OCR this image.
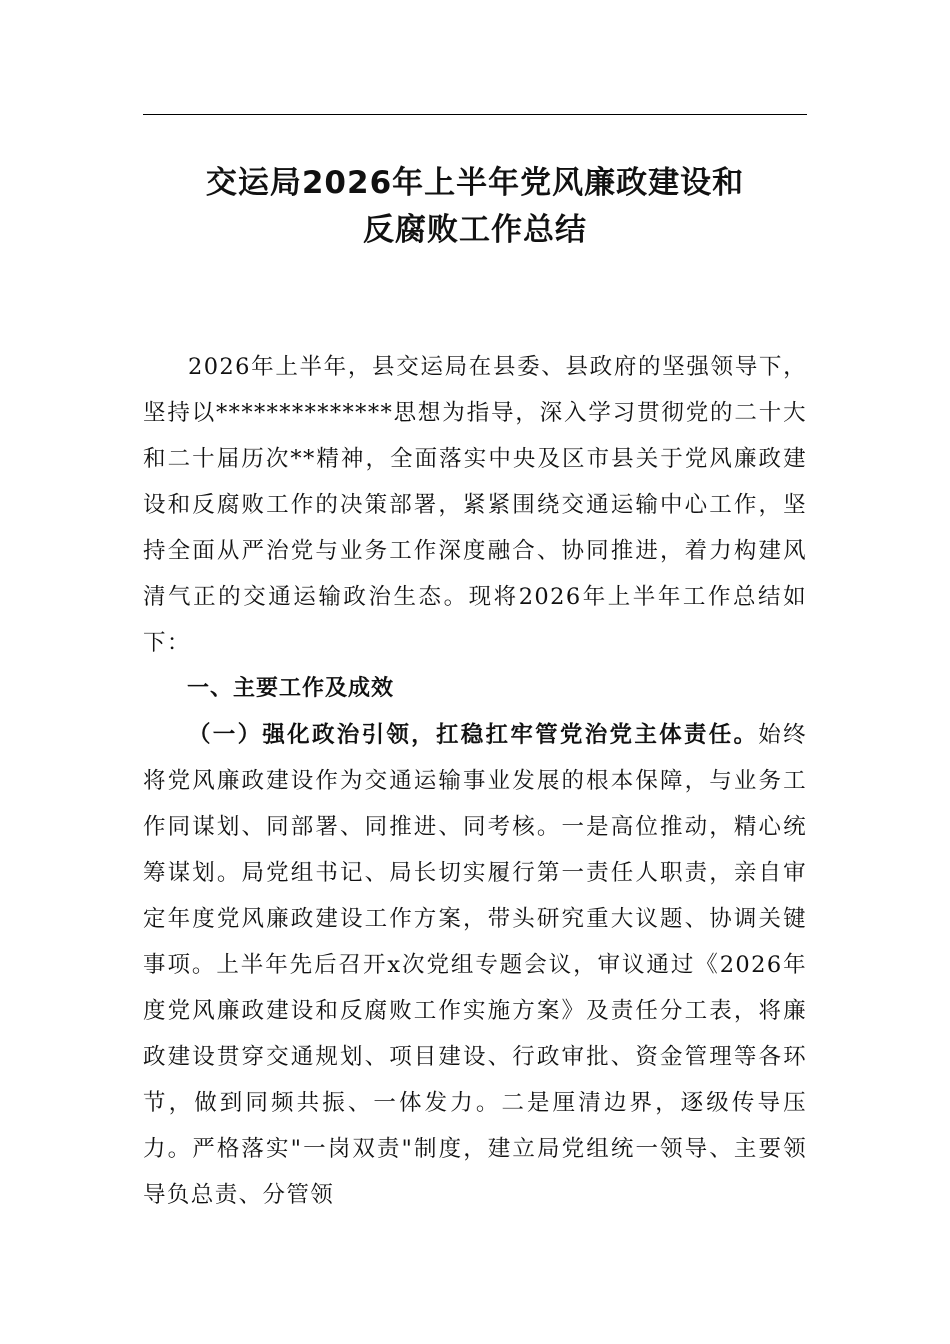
交运局2026年上半年党风廉政建设和
反腐败工作总结

2026年上半年，县交运局在县委、县政府的坚强领导下，坚持以**************思想为指导，深入学习贯彻党的二十大和二十届历次**精神，全面落实中央及区市县关于党风廉政建设和反腐败工作的决策部署，紧紧围绕交通运输中心工作，坚持全面从严治党与业务工作深度融合、协同推进，着力构建风清气正的交通运输政治生态。现将2026年上半年工作总结如下：

一、主要工作及成效

（一）强化政治引领，扛稳扛牢管党治党主体责任。始终将党风廉政建设作为交通运输事业发展的根本保障，与业务工作同谋划、同部署、同推进、同考核。一是高位推动，精心统筹谋划。局党组书记、局长切实履行第一责任人职责，亲自审定年度党风廉政建设工作方案，带头研究重大议题、协调关键事项。上半年先后召开x次党组专题会议，审议通过《2026年度党风廉政建设和反腐败工作实施方案》及责任分工表，将廉政建设贯穿交通规划、项目建设、行政审批、资金管理等各环节，做到同频共振、一体发力。二是厘清边界，逐级传导压力。严格落实"一岗双责"制度，建立局党组统一领导、主要领导负总责、分管领
